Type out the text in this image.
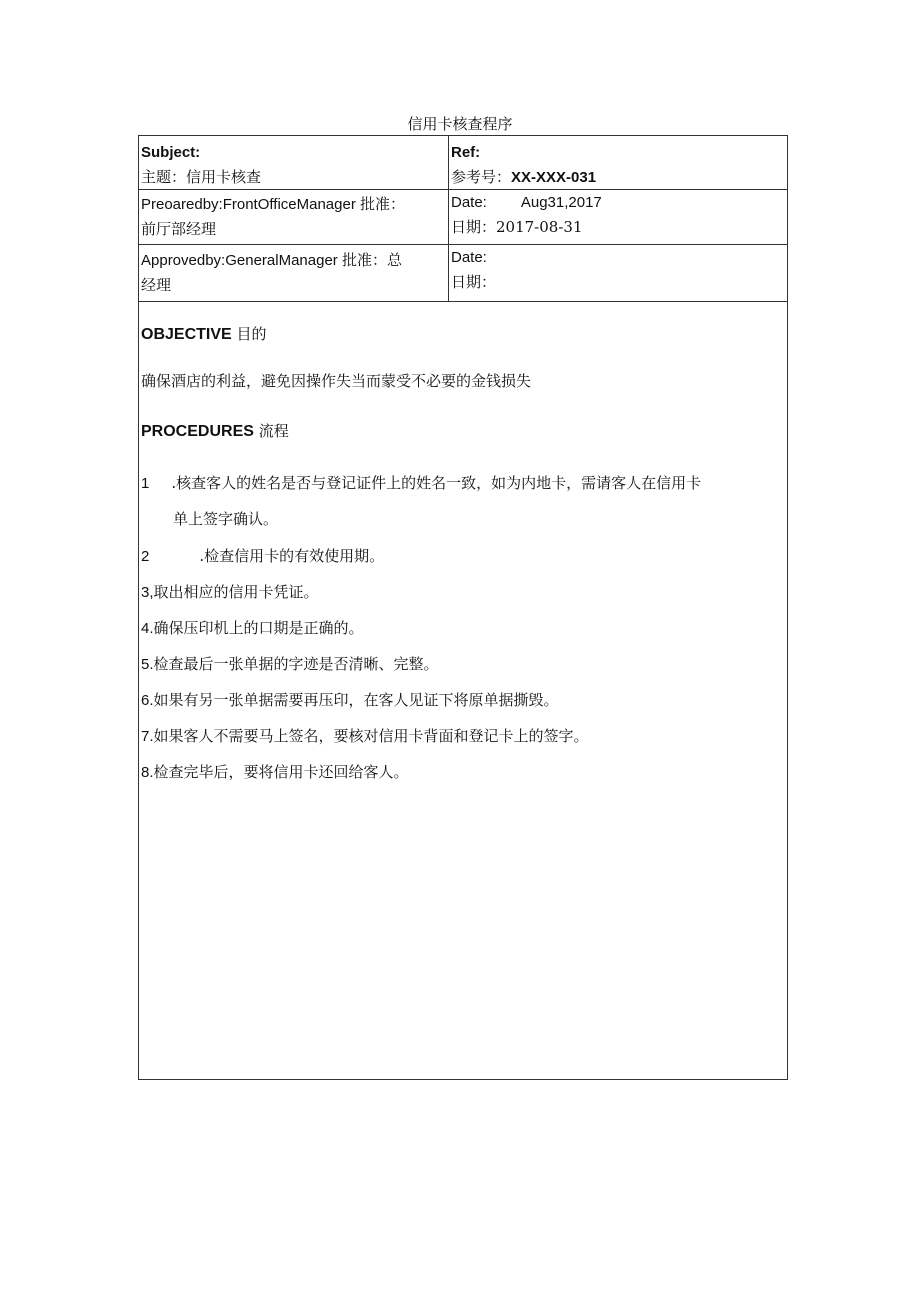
信用卡核查程序
Subject:
主题：信用卡核查
Ref:
参考号：XX-XXX-031
Preoaredby:FrontOfficeManager 批准：
前厅部经理
Date: Aug31,2017
日期：2017-08-31
Approvedby:GeneralManager 批准：总
经理
Date:
日期：
OBJECTIVE 目的
确保酒店的利益，避免因操作失当而蒙受不必要的金钱损失
PROCEDURES 流程
1 .核查客人的姓名是否与登记证件上的姓名一致，如为内地卡，需请客人在信用卡
单上签字确认。
2	.检查信用卡的有效使用期。
3,取出相应的信用卡凭证。
4.确保压印机上的口期是正确的。
5.检查最后一张单据的字迹是否清晰、完整。
6.如果有另一张单据需要再压印，在客人见证下将原单据撕毁。
7.如果客人不需要马上签名，要核对信用卡背面和登记卡上的签字。
8.检查完毕后，要将信用卡还回给客人。
